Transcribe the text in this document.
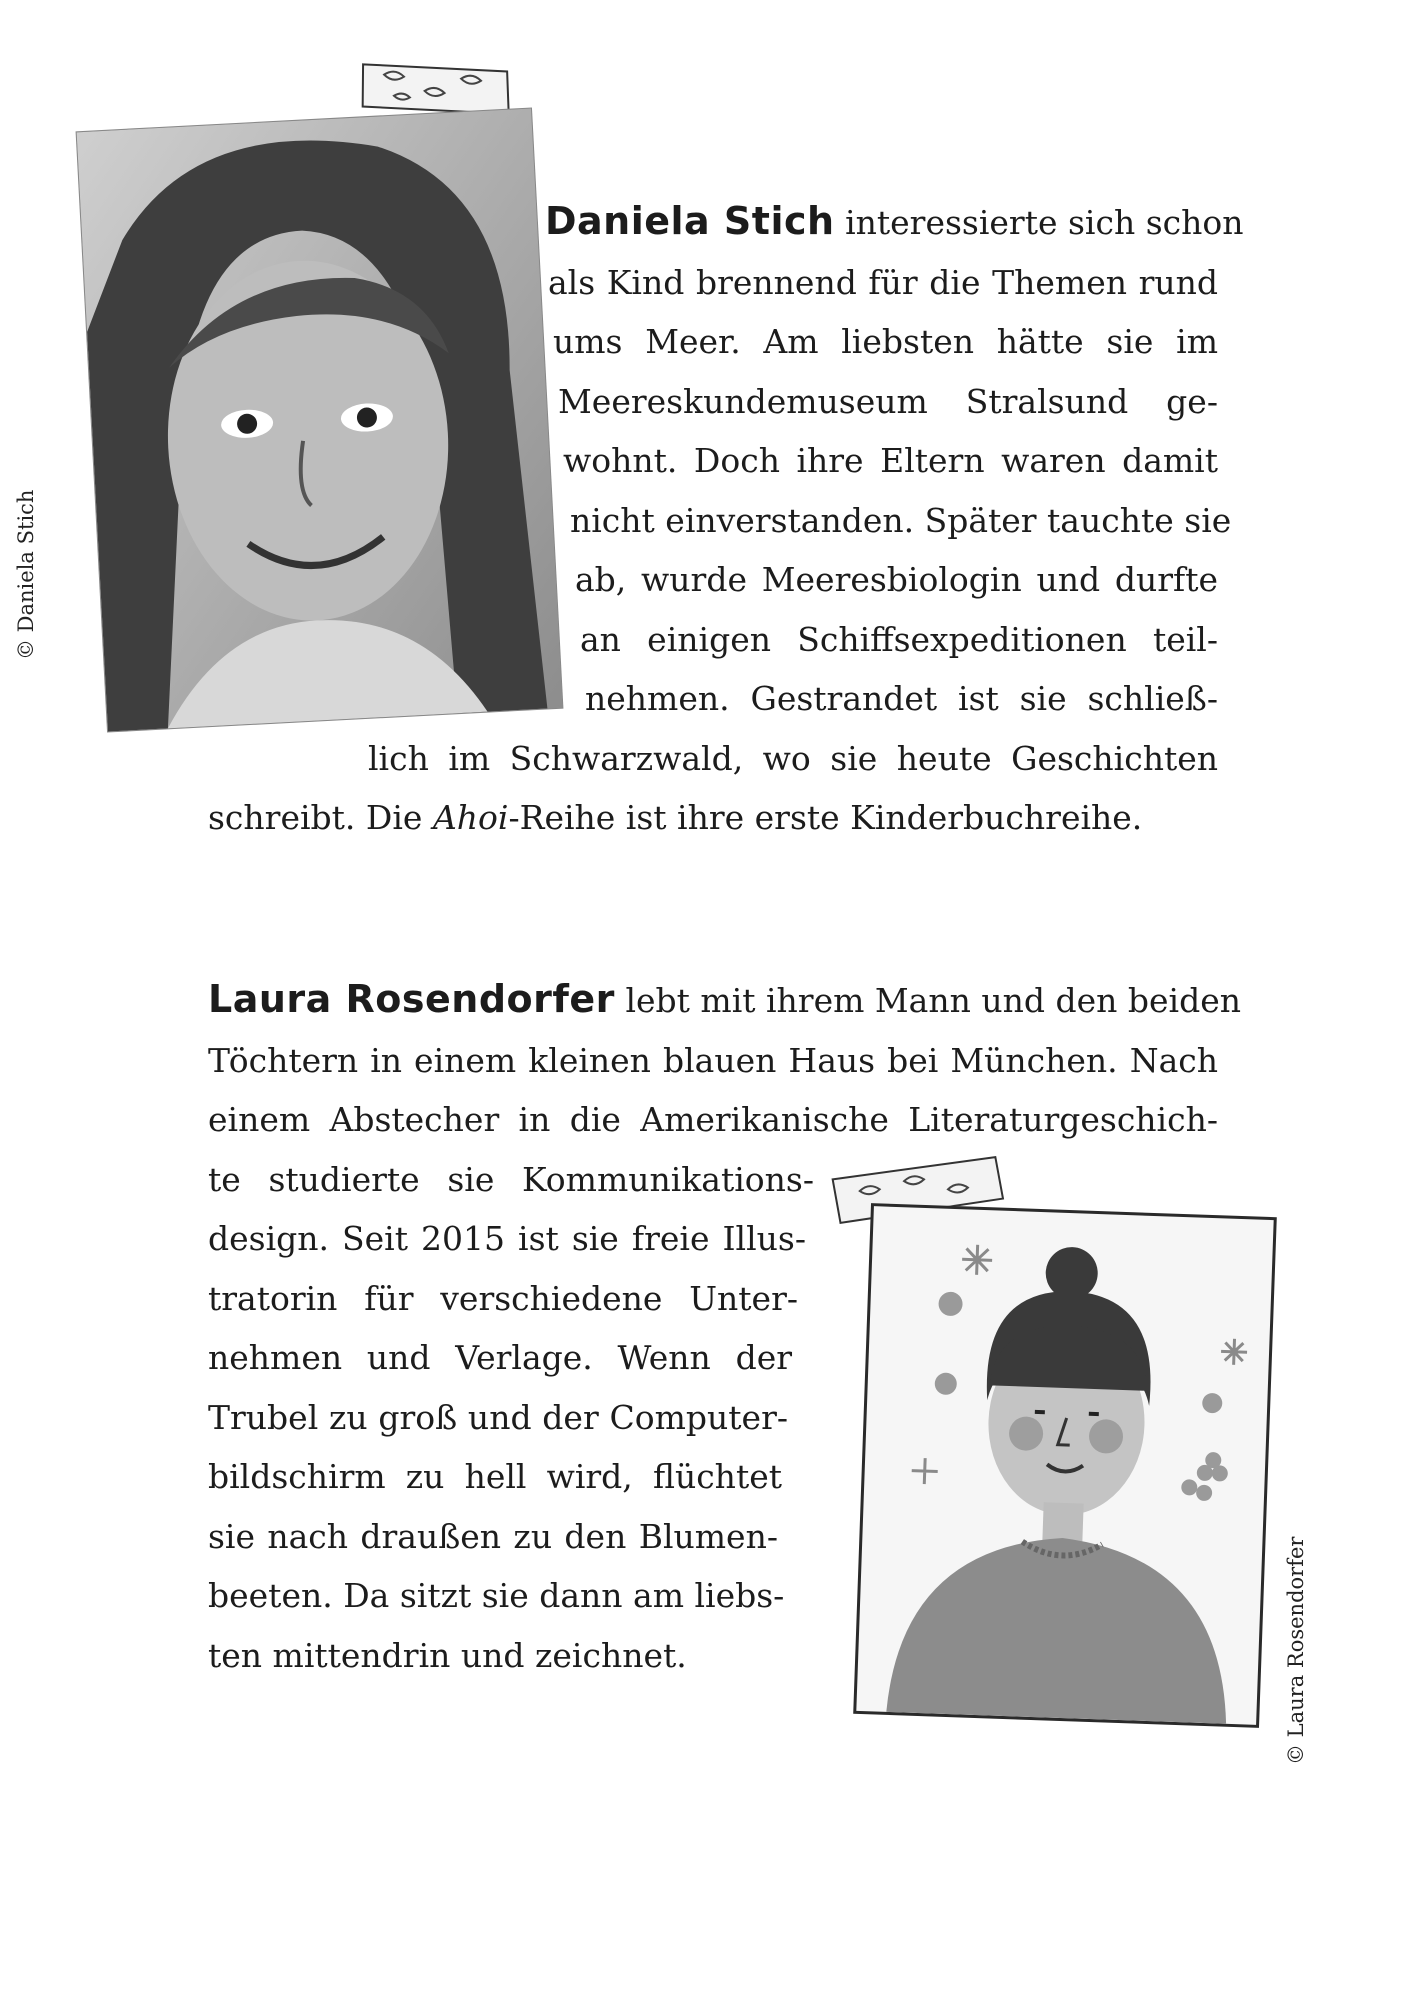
© Daniela Stich
Daniela Stich interessierte sich schon
als Kind brennend für die Themen rund
ums Meer. Am liebsten hätte sie im
Meereskundemuseum Stralsund ge-
wohnt. Doch ihre Eltern waren damit
nicht einverstanden. Später tauchte sie
ab, wurde Meeresbiologin und durfte
an einigen Schiffsexpeditionen teil-
nehmen. Gestrandet ist sie schließ-
lich im Schwarzwald, wo sie heute Geschichten
schreibt. Die Ahoi-Reihe ist ihre erste Kinderbuchreihe.
Laura Rosendorfer lebt mit ihrem Mann und den beiden
Töchtern in einem kleinen blauen Haus bei München. Nach
einem Abstecher in die Amerikanische Literaturgeschich-
te studierte sie Kommunikations-
design. Seit 2015 ist sie freie Illus-
tratorin für verschiedene Unter-
nehmen und Verlage. Wenn der
Trubel zu groß und der Computer-
bildschirm zu hell wird, flüchtet
sie nach draußen zu den Blumen-
beeten. Da sitzt sie dann am liebs-
ten mittendrin und zeichnet.	© Laura Rosendorfer
